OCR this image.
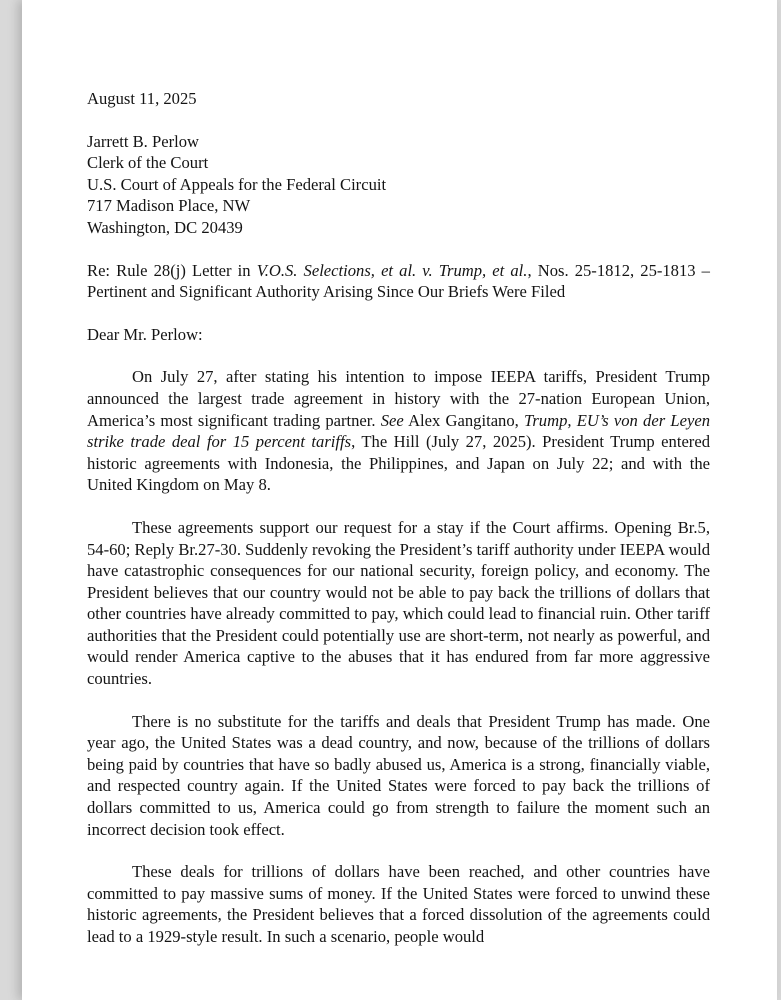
August 11, 2025

Jarrett B. Perlow
Clerk of the Court
U.S. Court of Appeals for the Federal Circuit
717 Madison Place, NW
Washington, DC 20439

Re: Rule 28(j) Letter in V.O.S. Selections, et al. v. Trump, et al., Nos. 25-1812, 25-1813 – Pertinent and Significant Authority Arising Since Our Briefs Were Filed

Dear Mr. Perlow:

On July 27, after stating his intention to impose IEEPA tariffs, President Trump announced the largest trade agreement in history with the 27-nation European Union, America’s most significant trading partner. See Alex Gangitano, Trump, EU’s von der Leyen strike trade deal for 15 percent tariffs, The Hill (July 27, 2025). President Trump entered historic agreements with Indonesia, the Philippines, and Japan on July 22; and with the United Kingdom on May 8.

These agreements support our request for a stay if the Court affirms. Opening Br.5, 54-60; Reply Br.27-30. Suddenly revoking the President’s tariff authority under IEEPA would have catastrophic consequences for our national security, foreign policy, and economy. The President believes that our country would not be able to pay back the trillions of dollars that other countries have already committed to pay, which could lead to financial ruin. Other tariff authorities that the President could potentially use are short-term, not nearly as powerful, and would render America captive to the abuses that it has endured from far more aggressive countries.

There is no substitute for the tariffs and deals that President Trump has made. One year ago, the United States was a dead country, and now, because of the trillions of dollars being paid by countries that have so badly abused us, America is a strong, financially viable, and respected country again. If the United States were forced to pay back the trillions of dollars committed to us, America could go from strength to failure the moment such an incorrect decision took effect.

These deals for trillions of dollars have been reached, and other countries have committed to pay massive sums of money. If the United States were forced to unwind these historic agreements, the President believes that a forced dissolution of the agreements could lead to a 1929-style result. In such a scenario, people would
